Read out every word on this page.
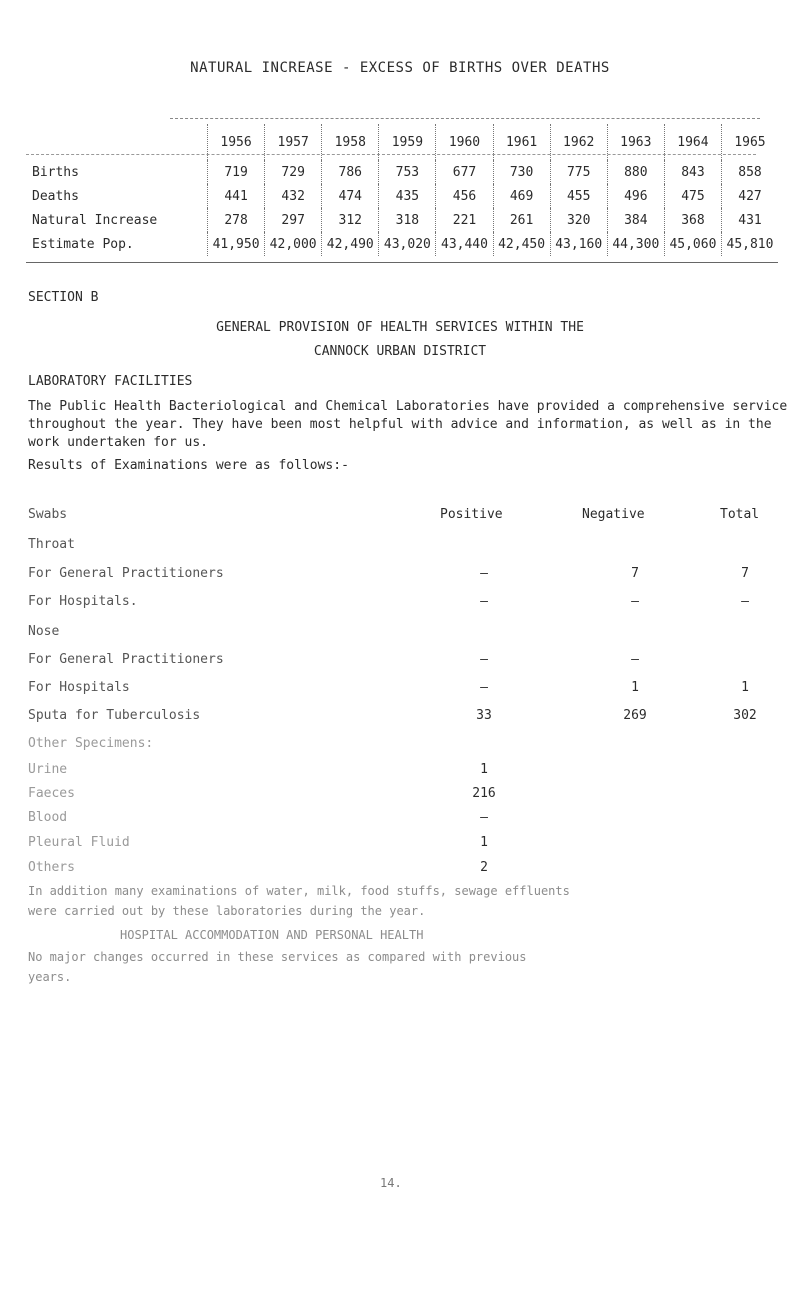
NATURAL INCREASE - EXCESS OF BIRTHS OVER DEATHS
	1956	1957	1958	1959	1960	1961	1962	1963	1964	1965
Births	719	729	786	753	677	730	775	880	843	858
Deaths	441	432	474	435	456	469	455	496	475	427
Natural Increase	278	297	312	318	221	261	320	384	368	431
Estimate Pop.	41,950	42,000	42,490	43,020	43,440	42,450	43,160	44,300	45,060	45,810
SECTION B
GENERAL PROVISION OF HEALTH SERVICES WITHIN THE
CANNOCK URBAN DISTRICT
LABORATORY FACILITIES
The Public Health Bacteriological and Chemical Laboratories have provided a comprehensive service throughout the year. They have been most helpful with advice and information, as well as in the work undertaken for us.
Results of Examinations were as follows:-
Swabs	Positive	Negative	Total
Throat
For General Practitioners	–	7	7
For Hospitals.	–	–	–
Nose
For General Practitioners	–	–
For Hospitals	–	1	1
Sputa for Tuberculosis	33	269	302
Other Specimens:
Urine	1
Faeces	216
Blood	–
Pleural Fluid	1
Others	2
In addition many examinations of water, milk, food stuffs, sewage effluents
were carried out by these laboratories during the year.
HOSPITAL ACCOMMODATION AND PERSONAL HEALTH
No major changes occurred in these services as compared with previous
years.
14.
